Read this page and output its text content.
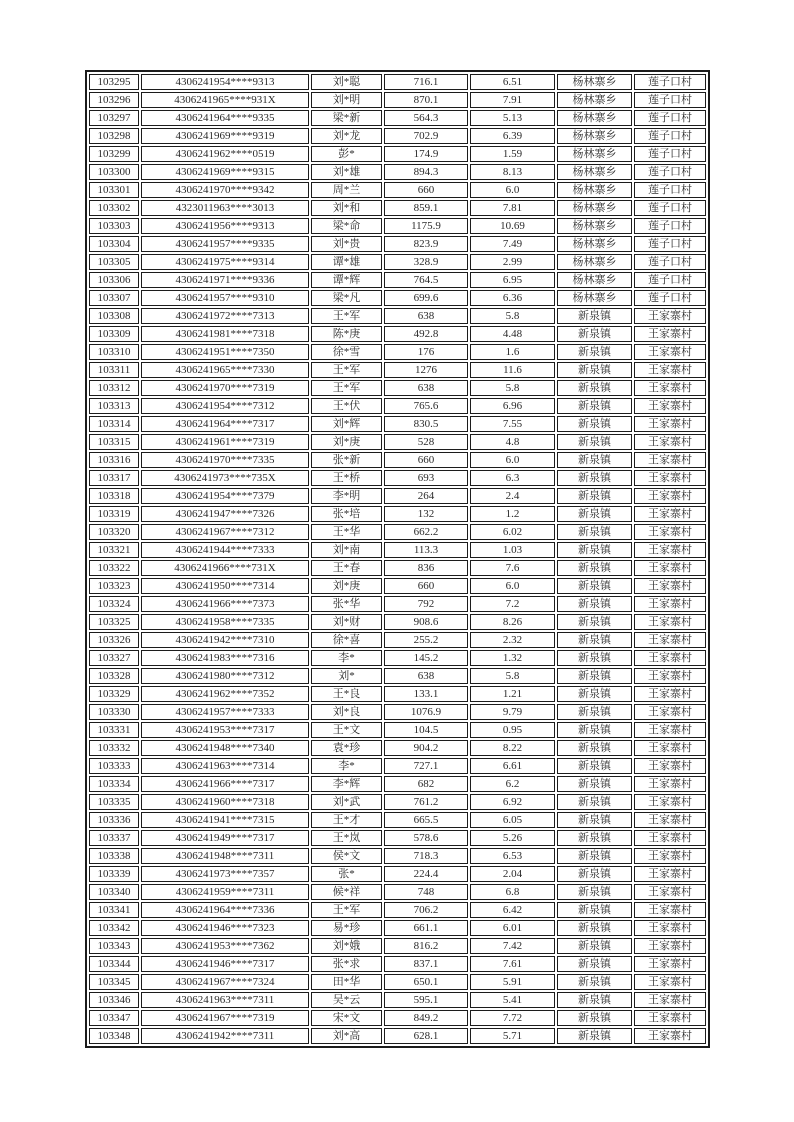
103295	4306241954****9313	刘*聪	716.1	6.51	杨林寨乡	莲子口村
103296	4306241965****931X	刘*明	870.1	7.91	杨林寨乡	莲子口村
103297	4306241964****9335	梁*新	564.3	5.13	杨林寨乡	莲子口村
103298	4306241969****9319	刘*龙	702.9	6.39	杨林寨乡	莲子口村
103299	4306241962****0519	彭*	174.9	1.59	杨林寨乡	莲子口村
103300	4306241969****9315	刘*雄	894.3	8.13	杨林寨乡	莲子口村
103301	4306241970****9342	周*兰	660	6.0	杨林寨乡	莲子口村
103302	4323011963****3013	刘*和	859.1	7.81	杨林寨乡	莲子口村
103303	4306241956****9313	梁*命	1175.9	10.69	杨林寨乡	莲子口村
103304	4306241957****9335	刘*贵	823.9	7.49	杨林寨乡	莲子口村
103305	4306241975****9314	谭*雄	328.9	2.99	杨林寨乡	莲子口村
103306	4306241971****9336	谭*辉	764.5	6.95	杨林寨乡	莲子口村
103307	4306241957****9310	梁*凡	699.6	6.36	杨林寨乡	莲子口村
103308	4306241972****7313	王*军	638	5.8	新泉镇	王家寨村
103309	4306241981****7318	陈*庚	492.8	4.48	新泉镇	王家寨村
103310	4306241951****7350	徐*雪	176	1.6	新泉镇	王家寨村
103311	4306241965****7330	王*军	1276	11.6	新泉镇	王家寨村
103312	4306241970****7319	王*军	638	5.8	新泉镇	王家寨村
103313	4306241954****7312	王*伏	765.6	6.96	新泉镇	王家寨村
103314	4306241964****7317	刘*辉	830.5	7.55	新泉镇	王家寨村
103315	4306241961****7319	刘*庚	528	4.8	新泉镇	王家寨村
103316	4306241970****7335	张*新	660	6.0	新泉镇	王家寨村
103317	4306241973****735X	王*桥	693	6.3	新泉镇	王家寨村
103318	4306241954****7379	李*明	264	2.4	新泉镇	王家寨村
103319	4306241947****7326	张*培	132	1.2	新泉镇	王家寨村
103320	4306241967****7312	王*华	662.2	6.02	新泉镇	王家寨村
103321	4306241944****7333	刘*南	113.3	1.03	新泉镇	王家寨村
103322	4306241966****731X	王*春	836	7.6	新泉镇	王家寨村
103323	4306241950****7314	刘*庚	660	6.0	新泉镇	王家寨村
103324	4306241966****7373	张*华	792	7.2	新泉镇	王家寨村
103325	4306241958****7335	刘*财	908.6	8.26	新泉镇	王家寨村
103326	4306241942****7310	徐*喜	255.2	2.32	新泉镇	王家寨村
103327	4306241983****7316	李*	145.2	1.32	新泉镇	王家寨村
103328	4306241980****7312	刘*	638	5.8	新泉镇	王家寨村
103329	4306241962****7352	王*良	133.1	1.21	新泉镇	王家寨村
103330	4306241957****7333	刘*良	1076.9	9.79	新泉镇	王家寨村
103331	4306241953****7317	王*文	104.5	0.95	新泉镇	王家寨村
103332	4306241948****7340	袁*珍	904.2	8.22	新泉镇	王家寨村
103333	4306241963****7314	李*	727.1	6.61	新泉镇	王家寨村
103334	4306241966****7317	李*辉	682	6.2	新泉镇	王家寨村
103335	4306241960****7318	刘*武	761.2	6.92	新泉镇	王家寨村
103336	4306241941****7315	王*才	665.5	6.05	新泉镇	王家寨村
103337	4306241949****7317	王*岚	578.6	5.26	新泉镇	王家寨村
103338	4306241948****7311	侯*文	718.3	6.53	新泉镇	王家寨村
103339	4306241973****7357	张*	224.4	2.04	新泉镇	王家寨村
103340	4306241959****7311	候*祥	748	6.8	新泉镇	王家寨村
103341	4306241964****7336	王*军	706.2	6.42	新泉镇	王家寨村
103342	4306241946****7323	易*珍	661.1	6.01	新泉镇	王家寨村
103343	4306241953****7362	刘*娥	816.2	7.42	新泉镇	王家寨村
103344	4306241946****7317	张*求	837.1	7.61	新泉镇	王家寨村
103345	4306241967****7324	田*华	650.1	5.91	新泉镇	王家寨村
103346	4306241963****7311	吴*云	595.1	5.41	新泉镇	王家寨村
103347	4306241967****7319	宋*文	849.2	7.72	新泉镇	王家寨村
103348	4306241942****7311	刘*高	628.1	5.71	新泉镇	王家寨村
